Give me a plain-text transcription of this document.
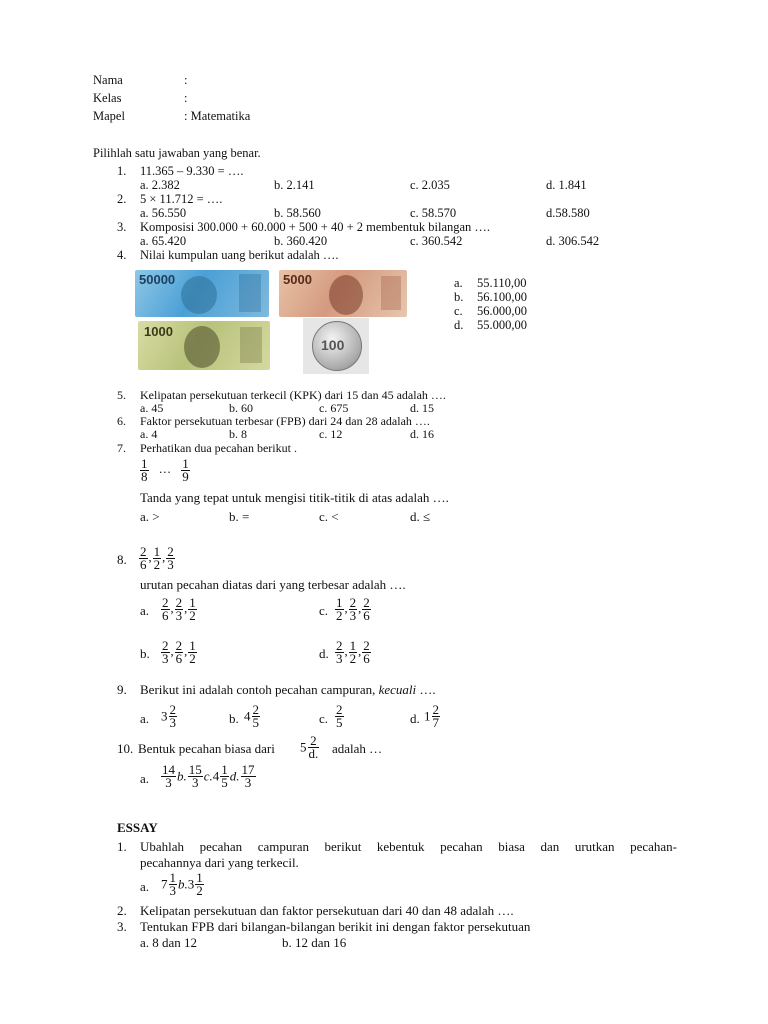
Nama	:
Kelas	:
Mapel	: Matematika
Pilihlah satu jawaban yang benar.
1. 11.365 – 9.330 = ….
a. 2.382	b. 2.141	c. 2.035	d. 1.841
2. 5 × 11.712 = ….
a. 56.550	b. 58.560	c. 58.570	d.58.580
3. Komposisi 300.000 + 60.000 + 500 + 40 + 2 membentuk bilangan ….
a. 65.420	b. 360.420	c. 360.542	d. 306.542
4. Nilai kumpulan uang berikut adalah ….
50000	5000
1000
100
a. 55.110,00
b. 56.100,00
c. 56.000,00
d. 55.000,00
5. Kelipatan persekutuan terkecil (KPK) dari 15 dan 45 adalah ….
a. 45	b. 60	c. 675	d. 15
6. Faktor persekutuan terbesar (FPB) dari 24 dan 28 adalah ….
a. 4	b. 8	c. 12	d. 16
7. Perhatikan dua pecahan berikut .
$\frac{1}{8}$ … $\frac{1}{9}$
Tanda yang tepat untuk mengisi titik-titik di atas adalah ….
a. >	b. =	c. <	d. ≤
8. $\frac{2}{6}$ , $\frac{1}{2}$ , $\frac{2}{3}$
urutan pecahan diatas dari yang terbesar adalah ….
a. $\frac{2}{6}$ , $\frac{2}{3}$ , $\frac{1}{2}$	c. $\frac{1}{2}$ , $\frac{2}{3}$ , $\frac{2}{6}$
b. $\frac{2}{3}$ , $\frac{2}{6}$ , $\frac{1}{2}$	d. $\frac{2}{3}$ , $\frac{1}{2}$ , $\frac{2}{6}$
9. Berikut ini adalah contoh pecahan campuran, kecuali ….
a. $3 \frac{2}{3}$	b. $4 \frac{2}{5}$	c. $\frac{2}{5}$	d. $1 \frac{2}{7}$
10. Bentuk pecahan biasa dari $5 \frac{2}{d.}$ adalah …
a. $\frac{14}{3} b$. $\frac{15}{3} c.4 \frac{1}{5} d$. $\frac{17}{3}$
ESSAY
1. Ubahlah pecahan campuran berikut kebentuk pecahan biasa dan urutkan pecahan-
pecahannya dari yang terkecil.
a. $7 \frac{1}{3} b.3 \frac{1}{2}$
2. Kelipatan persekutuan dan faktor persekutuan dari 40 dan 48 adalah ….
3. Tentukan FPB dari bilangan-bilangan berikit ini dengan faktor persekutuan
a. 8 dan 12	b. 12 dan 16
